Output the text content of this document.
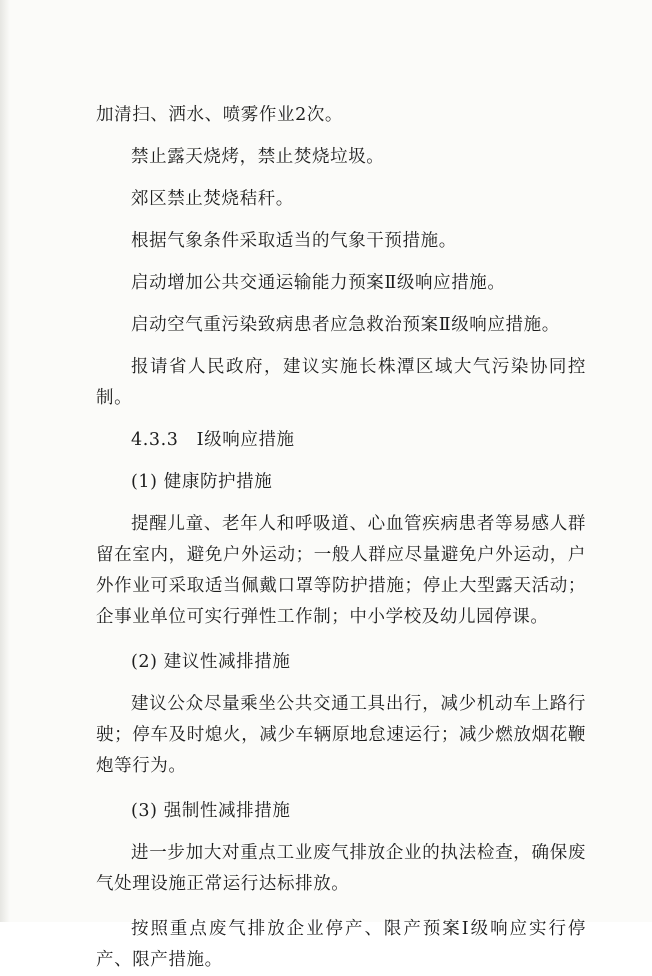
加清扫、洒水、喷雾作业2次。

禁止露天烧烤，禁止焚烧垃圾。

郊区禁止焚烧秸秆。

根据气象条件采取适当的气象干预措施。

启动增加公共交通运输能力预案Ⅱ级响应措施。

启动空气重污染致病患者应急救治预案Ⅱ级响应措施。

报请省人民政府，建议实施长株潭区域大气污染协同控制。

4.3.3　Ⅰ级响应措施

(1) 健康防护措施

提醒儿童、老年人和呼吸道、心血管疾病患者等易感人群留在室内，避免户外运动；一般人群应尽量避免户外运动，户外作业可采取适当佩戴口罩等防护措施；停止大型露天活动；企事业单位可实行弹性工作制；中小学校及幼儿园停课。

(2) 建议性减排措施

建议公众尽量乘坐公共交通工具出行，减少机动车上路行驶；停车及时熄火，减少车辆原地怠速运行；减少燃放烟花鞭炮等行为。

(3) 强制性减排措施

进一步加大对重点工业废气排放企业的执法检查，确保废气处理设施正常运行达标排放。

按照重点废气排放企业停产、限产预案Ⅰ级响应实行停产、限产措施。
